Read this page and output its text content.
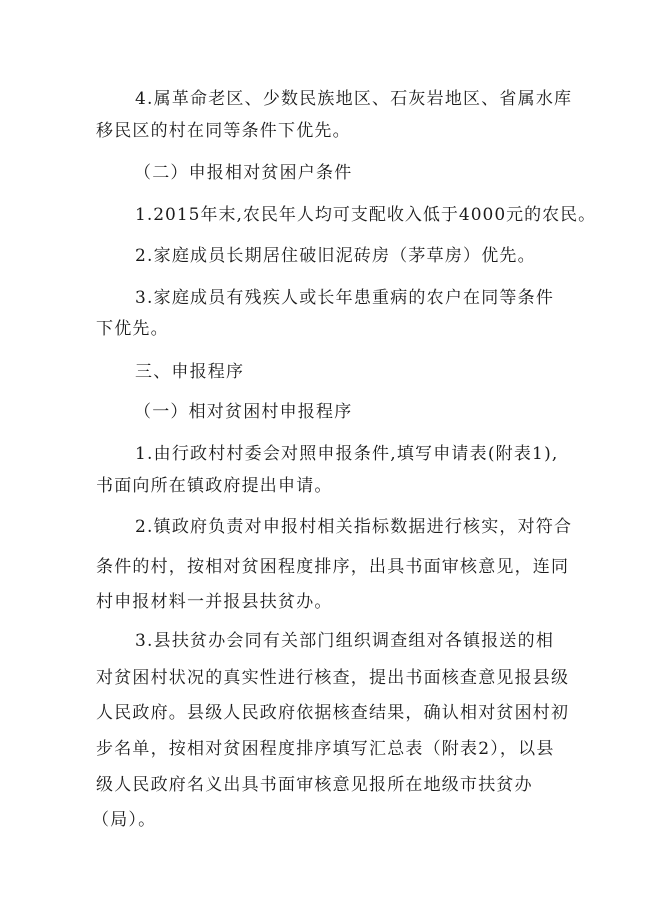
4.属革命老区、少数民族地区、石灰岩地区、省属水库
移民区的村在同等条件下优先。
（二）申报相对贫困户条件
1.2015年末,农民年人均可支配收入低于4000元的农民。
2.家庭成员长期居住破旧泥砖房（茅草房）优先。
3.家庭成员有残疾人或长年患重病的农户在同等条件
下优先。
三、申报程序
（一）相对贫困村申报程序
1.由行政村村委会对照申报条件,填写申请表(附表1),
书面向所在镇政府提出申请。
2.镇政府负责对申报村相关指标数据进行核实，对符合
条件的村，按相对贫困程度排序，出具书面审核意见，连同
村申报材料一并报县扶贫办。
3.县扶贫办会同有关部门组织调查组对各镇报送的相
对贫困村状况的真实性进行核查，提出书面核查意见报县级
人民政府。县级人民政府依据核查结果，确认相对贫困村初
步名单，按相对贫困程度排序填写汇总表（附表2），以县
级人民政府名义出具书面审核意见报所在地级市扶贫办
（局）。
